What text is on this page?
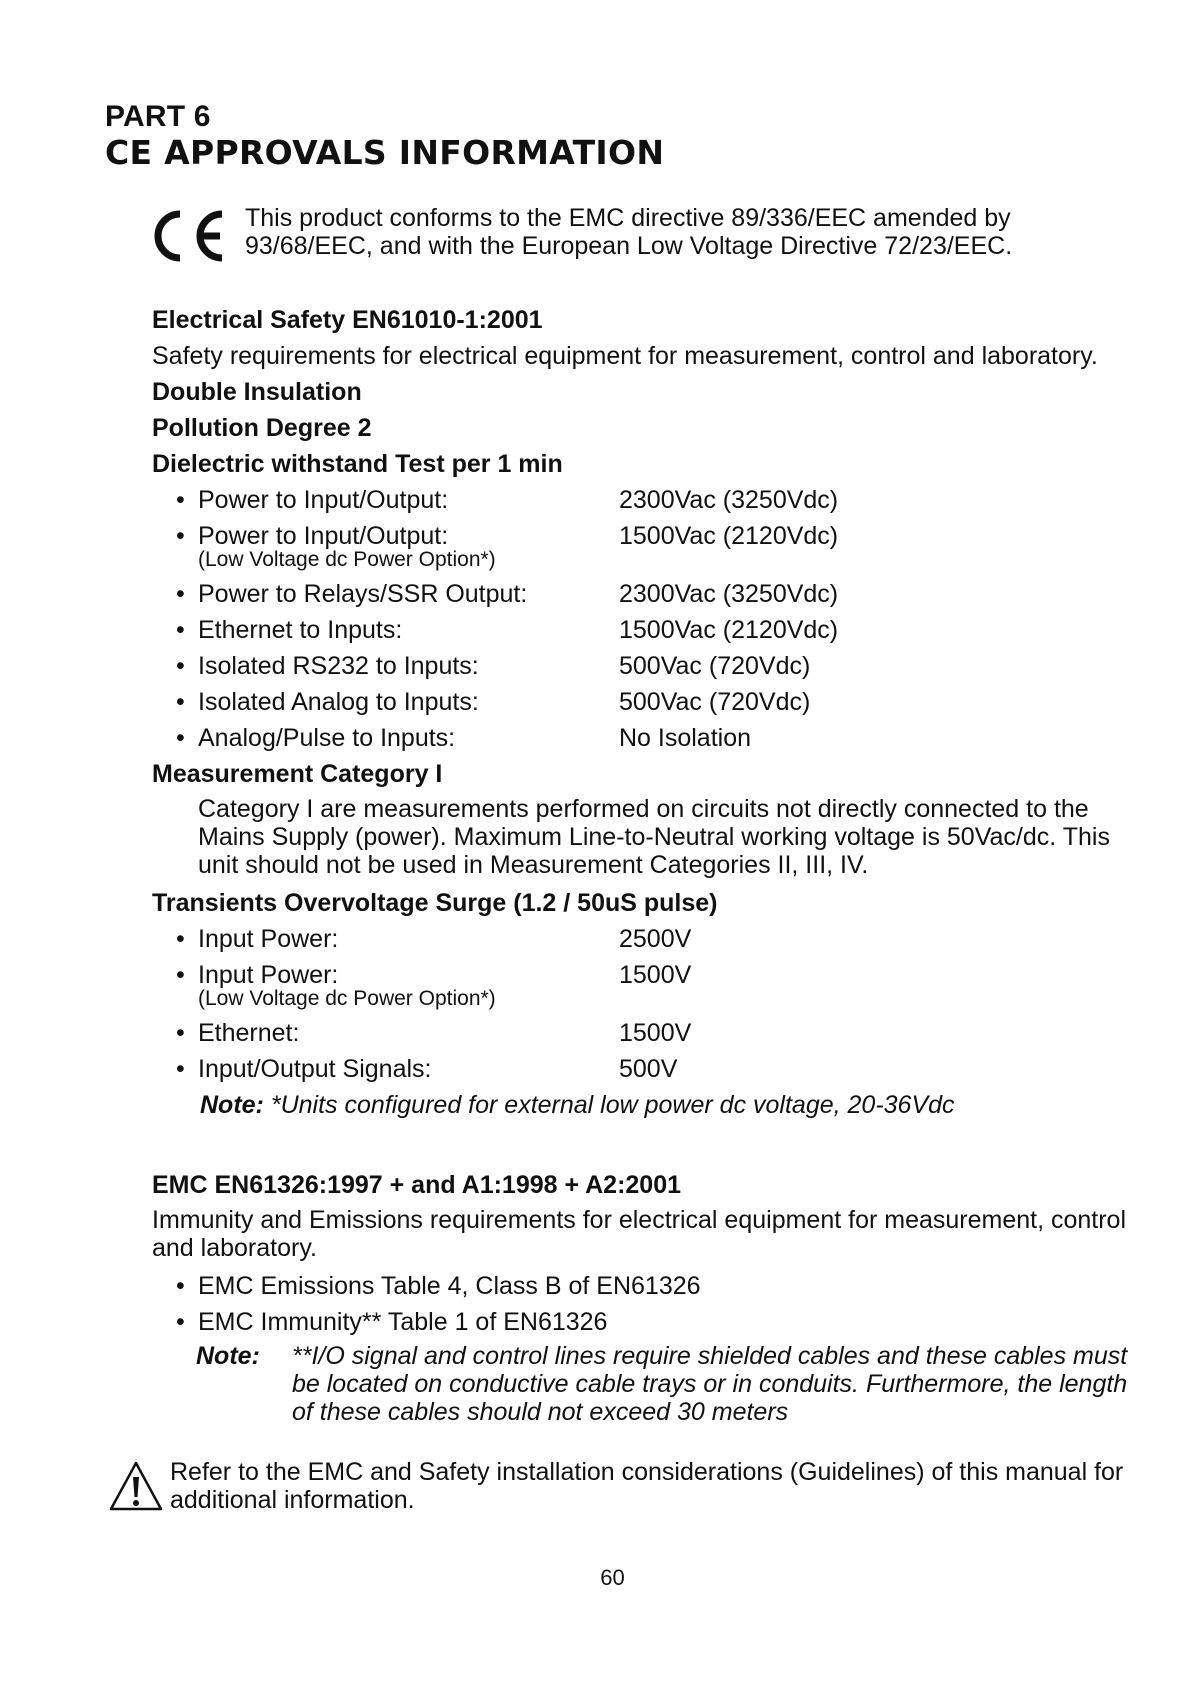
PART 6
CE APPROVALS INFORMATION
This product conforms to the EMC directive 89/336/EEC amended by 93/68/EEC, and with the European Low Voltage Directive 72/23/EEC.
Electrical Safety EN61010-1:2001
Safety requirements for electrical equipment for measurement, control and laboratory.
Double Insulation
Pollution Degree 2
Dielectric withstand Test per 1 min
• Power to Input/Output:	2300Vac (3250Vdc)
• Power to Input/Output:	1500Vac (2120Vdc)
(Low Voltage dc Power Option*)
• Power to Relays/SSR Output:	2300Vac (3250Vdc)
• Ethernet to Inputs:	1500Vac (2120Vdc)
• Isolated RS232 to Inputs:	500Vac (720Vdc)
• Isolated Analog to Inputs:	500Vac (720Vdc)
• Analog/Pulse to Inputs:	No Isolation
Measurement Category I
Category I are measurements performed on circuits not directly connected to the Mains Supply (power). Maximum Line-to-Neutral working voltage is 50Vac/dc. This unit should not be used in Measurement Categories II, III, IV.
Transients Overvoltage Surge (1.2 / 50uS pulse)
• Input Power:	2500V
• Input Power:	1500V
(Low Voltage dc Power Option*)
• Ethernet:	1500V
• Input/Output Signals:	500V
Note: *Units configured for external low power dc voltage, 20-36Vdc
EMC EN61326:1997 + and A1:1998 + A2:2001
Immunity and Emissions requirements for electrical equipment for measurement, control and laboratory.
• EMC Emissions Table 4, Class B of EN61326
• EMC Immunity** Table 1 of EN61326
Note: **I/O signal and control lines require shielded cables and these cables must be located on conductive cable trays or in conduits. Furthermore, the length of these cables should not exceed 30 meters
Refer to the EMC and Safety installation considerations (Guidelines) of this manual for additional information.
60
